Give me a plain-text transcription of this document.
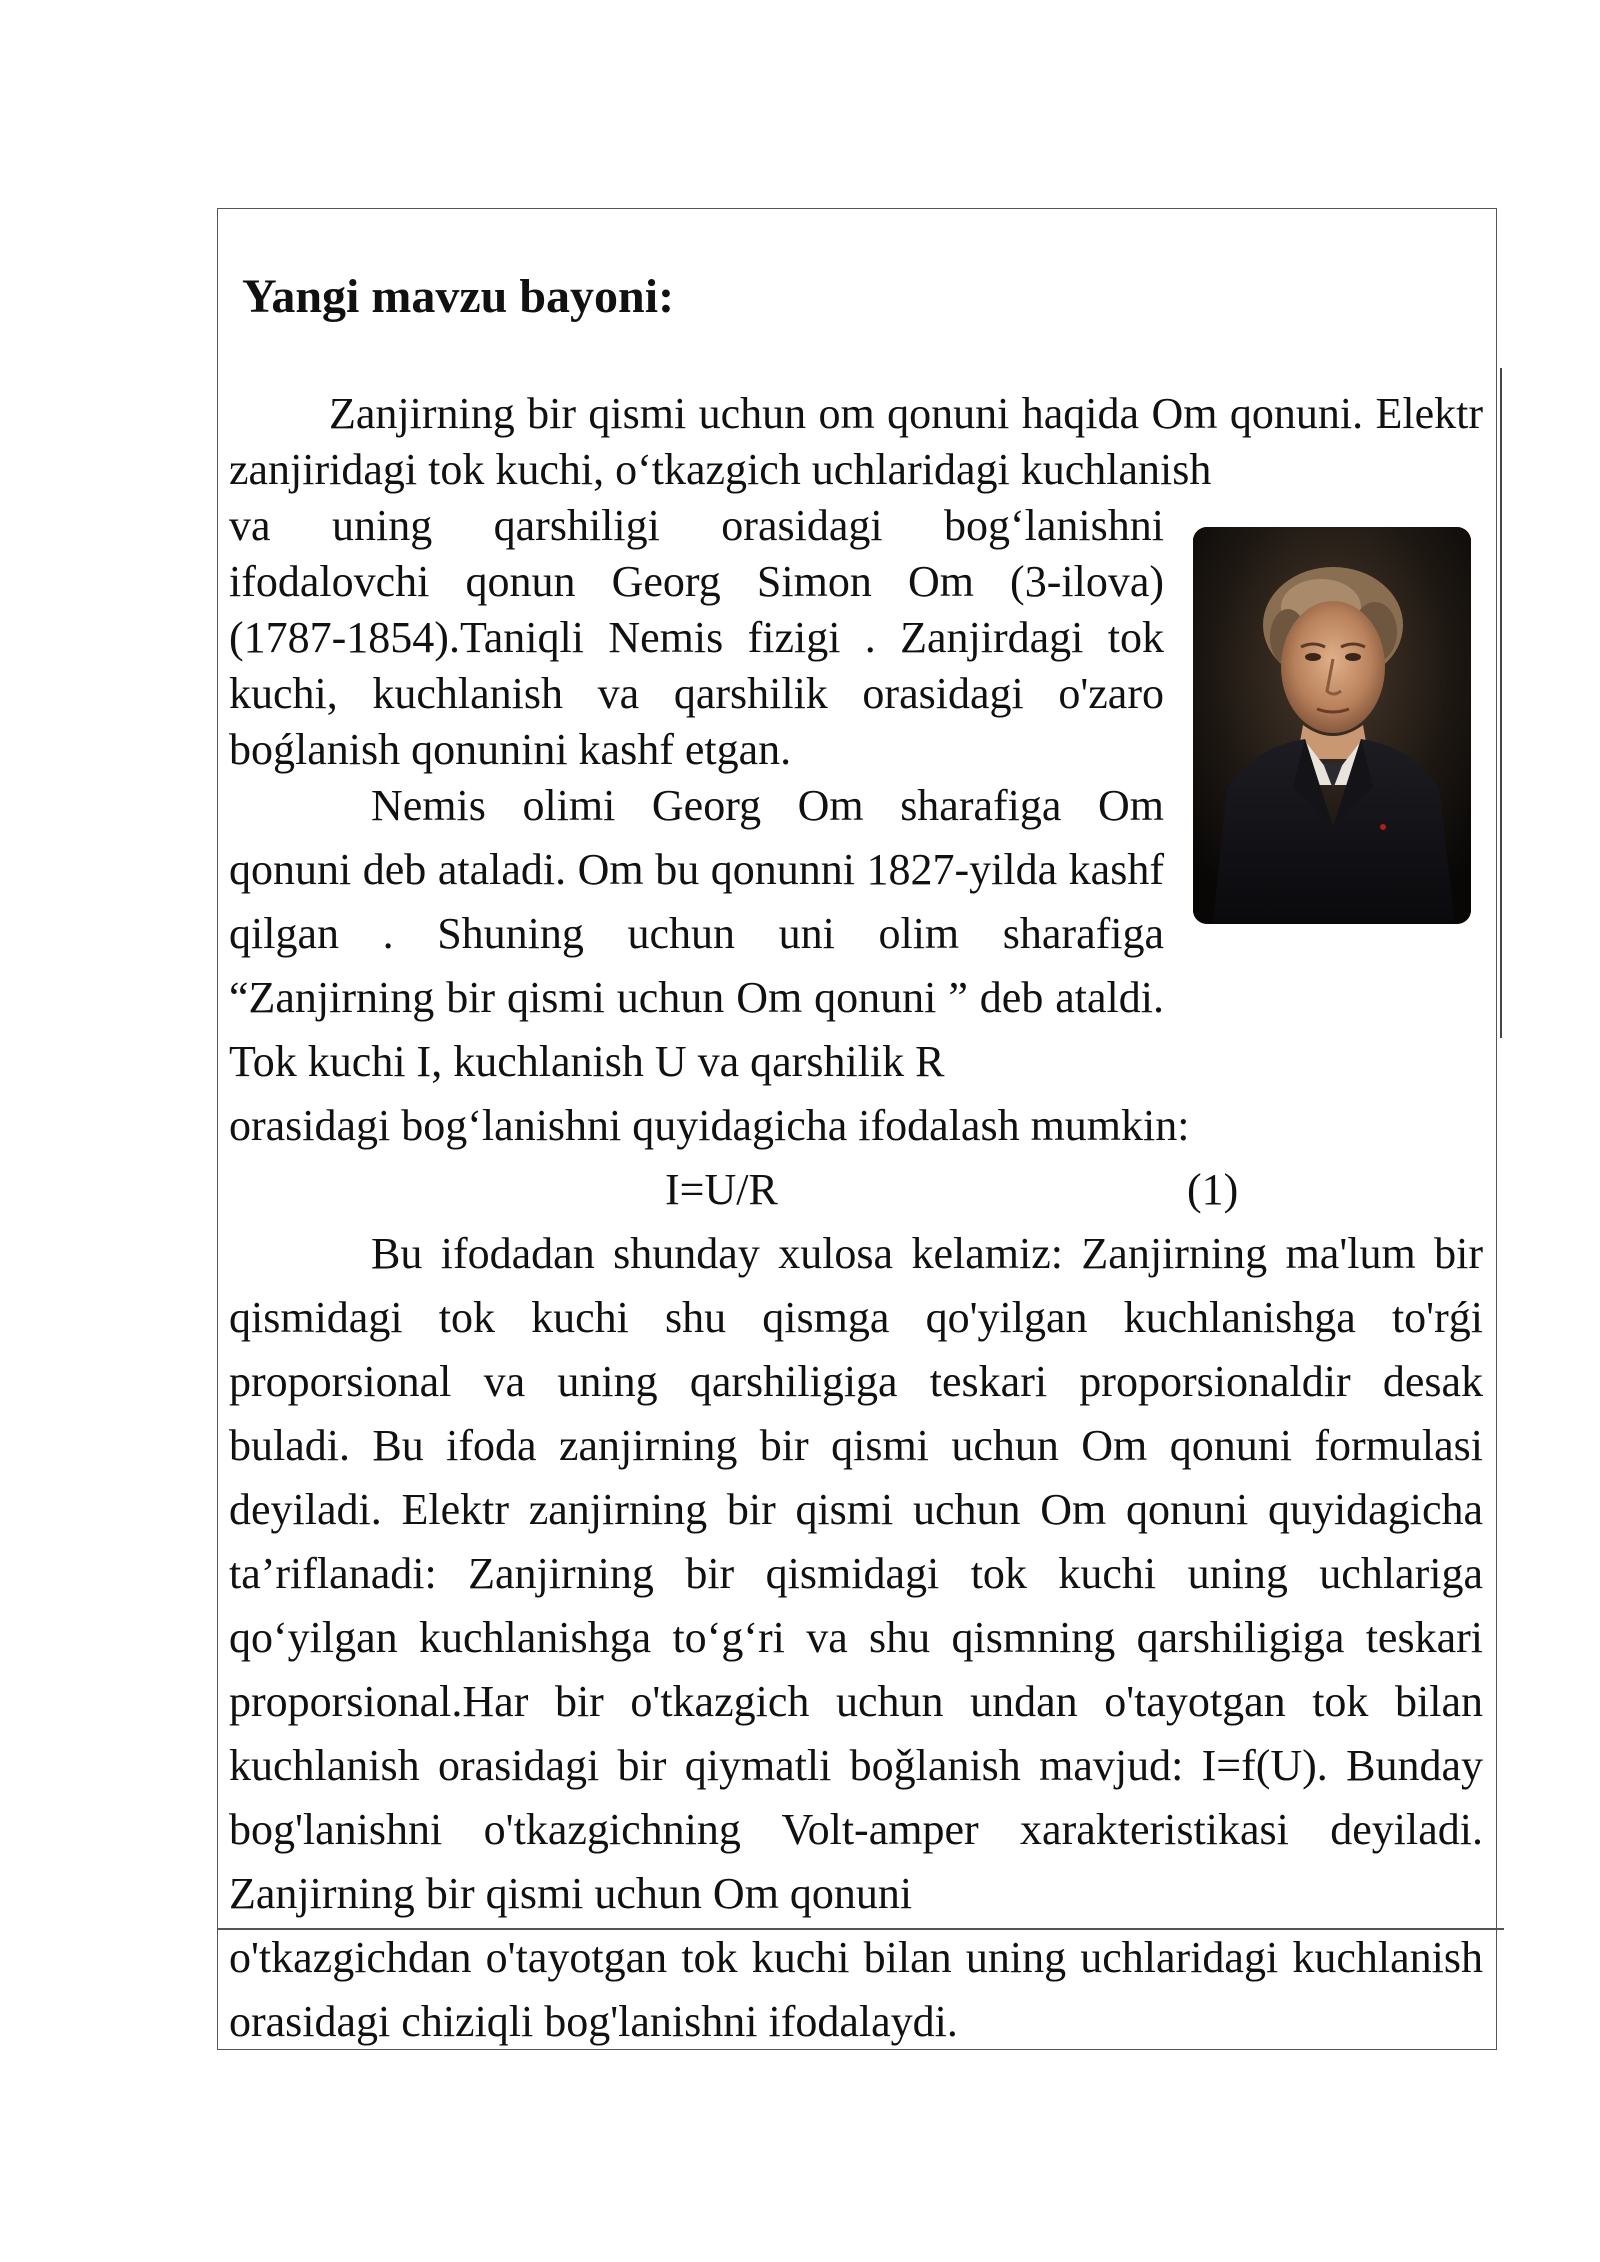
Yangi mavzu bayoni:

Zanjirning bir qismi uchun om qonuni haqida Om qonuni. Elektr zanjiridagi tok kuchi, o‘tkazgich uchlaridagi kuchlanish

va uning qarshiligi orasidagi bog‘lanishni ifodalovchi qonun Georg Simon Om (3-ilova) (1787-1854).Taniqli Nemis fizigi . Zanjirdagi tok kuchi, kuchlanish va qarshilik orasidagi o'zaro boǵlanish qonunini kashf etgan.

Nemis olimi Georg Om sharafiga Om qonuni deb ataladi. Om bu qonunni 1827-yilda kashf qilgan . Shuning uchun uni olim sharafiga “Zanjirning bir qismi uchun Om qonuni ” deb ataldi. Tok kuchi I, kuchlanish U va qarshilik R

orasidagi bog‘lanishni quyidagicha ifodalash mumkin:

I=U/R	(1)

Bu ifodadan shunday xulosa kelamiz: Zanjirning ma'lum bir qismidagi tok kuchi shu qismga qo'yilgan kuchlanishga to'rǵi proporsional va uning qarshiligiga teskari proporsionaldir desak buladi. Bu ifoda zanjirning bir qismi uchun Om qonuni formulasi deyiladi. Elektr zanjirning bir qismi uchun Om qonuni quyidagicha ta’riflanadi: Zanjirning bir qismidagi tok kuchi uning uchlariga qo‘yilgan kuchlanishga to‘g‘ri va shu qismning qarshiligiga teskari proporsional.Har bir o'tkazgich uchun undan o'tayotgan tok bilan kuchlanish orasidagi bir qiymatli boǧlanish mavjud: I=f(U). Bunday bog'lanishni o'tkazgichning Volt-amper xarakteristikasi deyiladi. Zanjirning bir qismi uchun Om qonuni

o'tkazgichdan o'tayotgan tok kuchi bilan uning uchlaridagi kuchlanish orasidagi chiziqli bog'lanishni ifodalaydi.
